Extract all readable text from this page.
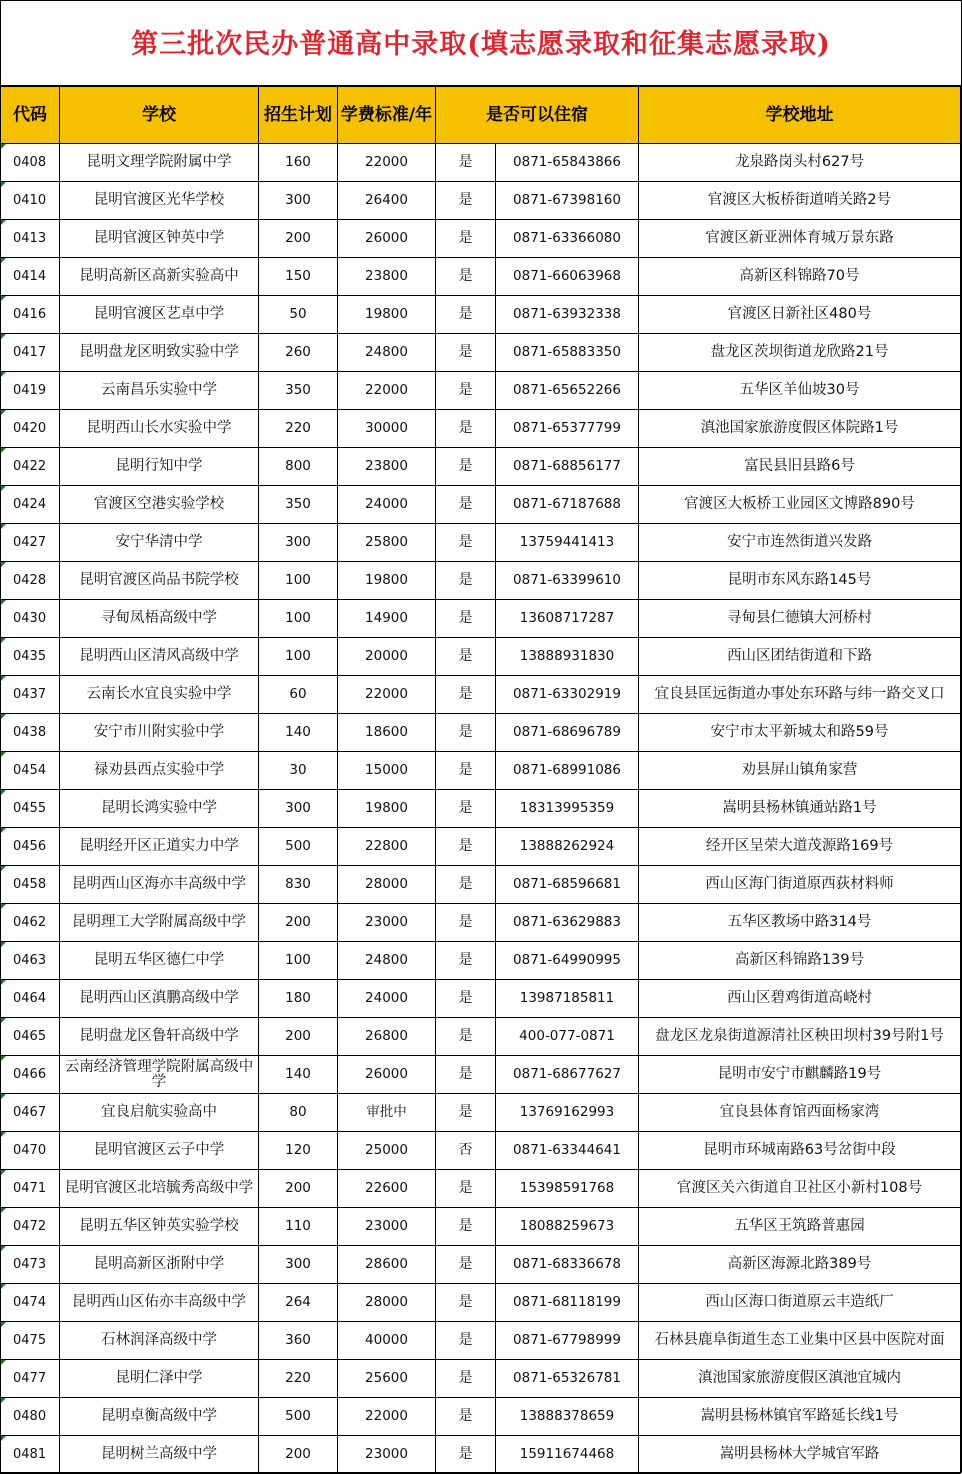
第三批次民办普通高中录取(填志愿录取和征集志愿录取)
代码	学校	招生计划	学费标准/年	是否可以住宿		学校地址
0408	昆明文理学院附属中学	160	22000	是	0871-65843866	龙泉路岗头村627号
0410	昆明官渡区光华学校	300	26400	是	0871-67398160	官渡区大板桥街道哨关路2号
0413	昆明官渡区钟英中学	200	26000	是	0871-63366080	官渡区新亚洲体育城万景东路
0414	昆明高新区高新实验高中	150	23800	是	0871-66063968	高新区科锦路70号
0416	昆明官渡区艺卓中学	50	19800	是	0871-63932338	官渡区日新社区480号
0417	昆明盘龙区明致实验中学	260	24800	是	0871-65883350	盘龙区茨坝街道龙欣路21号
0419	云南昌乐实验中学	350	22000	是	0871-65652266	五华区羊仙坡30号
0420	昆明西山长水实验中学	220	30000	是	0871-65377799	滇池国家旅游度假区体院路1号
0422	昆明行知中学	800	23800	是	0871-68856177	富民县旧县路6号
0424	官渡区空港实验学校	350	24000	是	0871-67187688	官渡区大板桥工业园区文博路890号
0427	安宁华清中学	300	25800	是	13759441413	安宁市连然街道兴发路
0428	昆明官渡区尚品书院学校	100	19800	是	0871-63399610	昆明市东风东路145号
0430	寻甸凤梧高级中学	100	14900	是	13608717287	寻甸县仁德镇大河桥村
0435	昆明西山区清风高级中学	100	20000	是	13888931830	西山区团结街道和下路
0437	云南长水宜良实验中学	60	22000	是	0871-63302919	宜良县匡远街道办事处东环路与纬一路交叉口
0438	安宁市川附实验中学	140	18600	是	0871-68696789	安宁市太平新城太和路59号
0454	禄劝县西点实验中学	30	15000	是	0871-68991086	劝县屏山镇角家营
0455	昆明长鸿实验中学	300	19800	是	18313995359	嵩明县杨林镇通站路1号
0456	昆明经开区正道实力中学	500	22800	是	13888262924	经开区呈荣大道茂源路169号
0458	昆明西山区海亦丰高级中学	830	28000	是	0871-68596681	西山区海门街道原西荻材料师
0462	昆明理工大学附属高级中学	200	23000	是	0871-63629883	五华区教场中路314号
0463	昆明五华区德仁中学	100	24800	是	0871-64990995	高新区科锦路139号
0464	昆明西山区滇鹏高级中学	180	24000	是	13987185811	西山区碧鸡街道高峣村
0465	昆明盘龙区鲁轩高级中学	200	26800	是	400-077-0871	盘龙区龙泉街道源清社区秧田坝村39号附1号
0466	云南经济管理学院附属高级中学	140	26000	是	0871-68677627	昆明市安宁市麒麟路19号
0467	宜良启航实验高中	80	审批中	是	13769162993	宜良县体育馆西面杨家湾
0470	昆明官渡区云子中学	120	25000	否	0871-63344641	昆明市环城南路63号岔街中段
0471	昆明官渡区北培毓秀高级中学	200	22600	是	15398591768	官渡区关六街道自卫社区小新村108号
0472	昆明五华区钟英实验学校	110	23000	是	18088259673	五华区王筑路普惠园
0473	昆明高新区浙附中学	300	28600	是	0871-68336678	高新区海源北路389号
0474	昆明西山区佑亦丰高级中学	264	28000	是	0871-68118199	西山区海口街道原云丰造纸厂
0475	石林润泽高级中学	360	40000	是	0871-67798999	石林县鹿阜街道生态工业集中区县中医院对面
0477	昆明仁泽中学	220	25600	是	0871-65326781	滇池国家旅游度假区滇池宜城内
0480	昆明卓衡高级中学	500	22000	是	13888378659	嵩明县杨林镇官军路延长线1号
0481	昆明树兰高级中学	200	23000	是	15911674468	嵩明县杨林大学城官军路
